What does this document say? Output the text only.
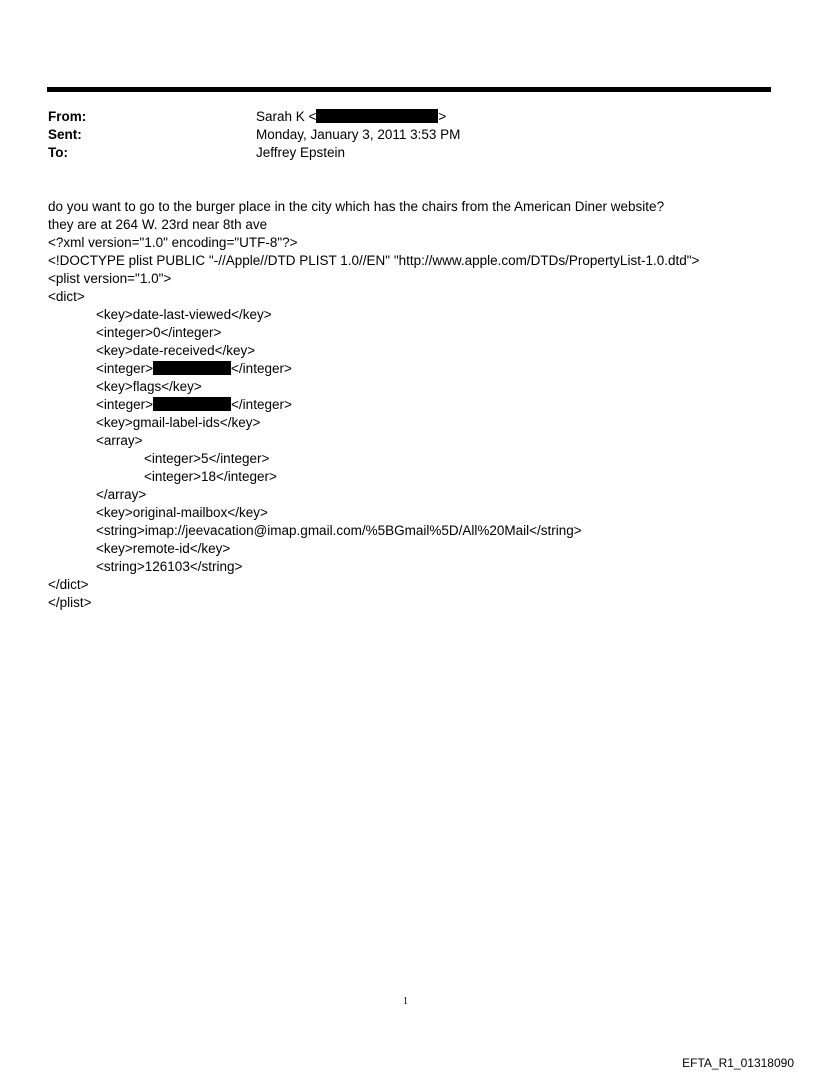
From:	Sarah K <	>
Sent:	Monday, January 3, 2011 3:53 PM
To:	Jeffrey Epstein
do you want to go to the burger place in the city which has the chairs from the American Diner website?
they are at 264 W. 23rd near 8th ave
<?xml version="1.0" encoding="UTF-8"?>
<!DOCTYPE plist PUBLIC "-//Apple//DTD PLIST 1.0//EN" "http://www.apple.com/DTDs/PropertyList-1.0.dtd">
<plist version="1.0">
<dict>
<key>date-last-viewed</key>
<integer>0</integer>
<key>date-received</key>
<integer>	</integer>
<key>flags</key>
<integer>	</integer>
<key>gmail-label-ids</key>
<array>
<integer>5</integer>
<integer>18</integer>
</array>
<key>original-mailbox</key>
<string>imap://jeevacation@imap.gmail.com/%5BGmail%5D/All%20Mail</string>
<key>remote-id</key>
<string>126103</string>
</dict>
</plist>
1
EFTA_R1_01318090
